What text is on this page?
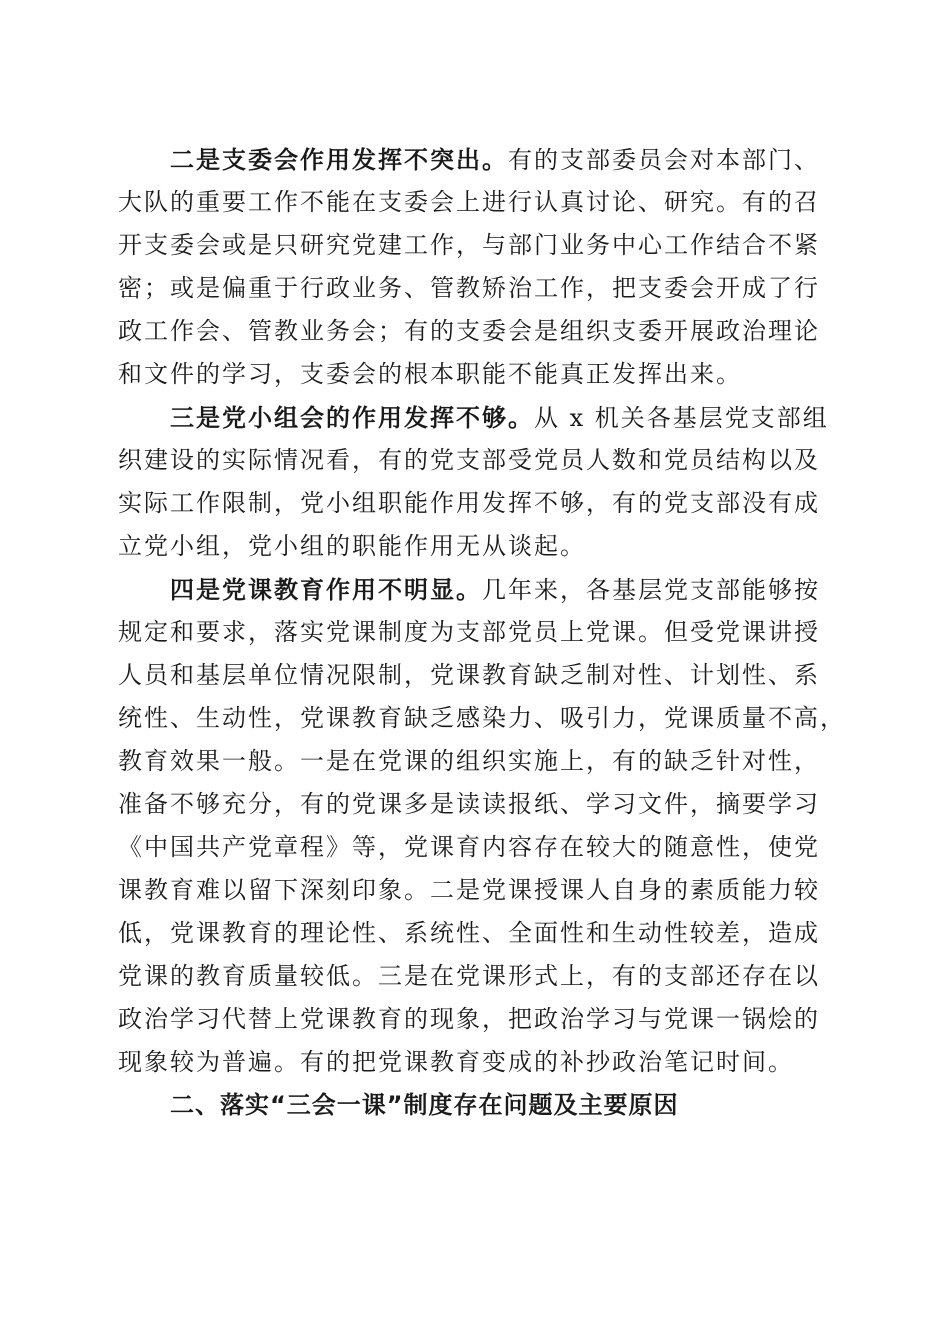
二是支委会作用发挥不突出。有的支部委员会对本部门、
大队的重要工作不能在支委会上进行认真讨论、研究。有的召
开支委会或是只研究党建工作，与部门业务中心工作结合不紧
密；或是偏重于行政业务、管教矫治工作，把支委会开成了行
政工作会、管教业务会；有的支委会是组织支委开展政治理论
和文件的学习，支委会的根本职能不能真正发挥出来。
三是党小组会的作用发挥不够。从 x 机关各基层党支部组
织建设的实际情况看，有的党支部受党员人数和党员结构以及
实际工作限制，党小组职能作用发挥不够，有的党支部没有成
立党小组，党小组的职能作用无从谈起。
四是党课教育作用不明显。几年来，各基层党支部能够按
规定和要求，落实党课制度为支部党员上党课。但受党课讲授
人员和基层单位情况限制，党课教育缺乏制对性、计划性、系
统性、生动性，党课教育缺乏感染力、吸引力，党课质量不高，
教育效果一般。一是在党课的组织实施上，有的缺乏针对性，
准备不够充分，有的党课多是读读报纸、学习文件，摘要学习
《中国共产党章程》等，党课育内容存在较大的随意性，使党
课教育难以留下深刻印象。二是党课授课人自身的素质能力较
低，党课教育的理论性、系统性、全面性和生动性较差，造成
党课的教育质量较低。三是在党课形式上，有的支部还存在以
政治学习代替上党课教育的现象，把政治学习与党课一锅烩的
现象较为普遍。有的把党课教育变成的补抄政治笔记时间。
二、落实“三会一课”制度存在问题及主要原因
